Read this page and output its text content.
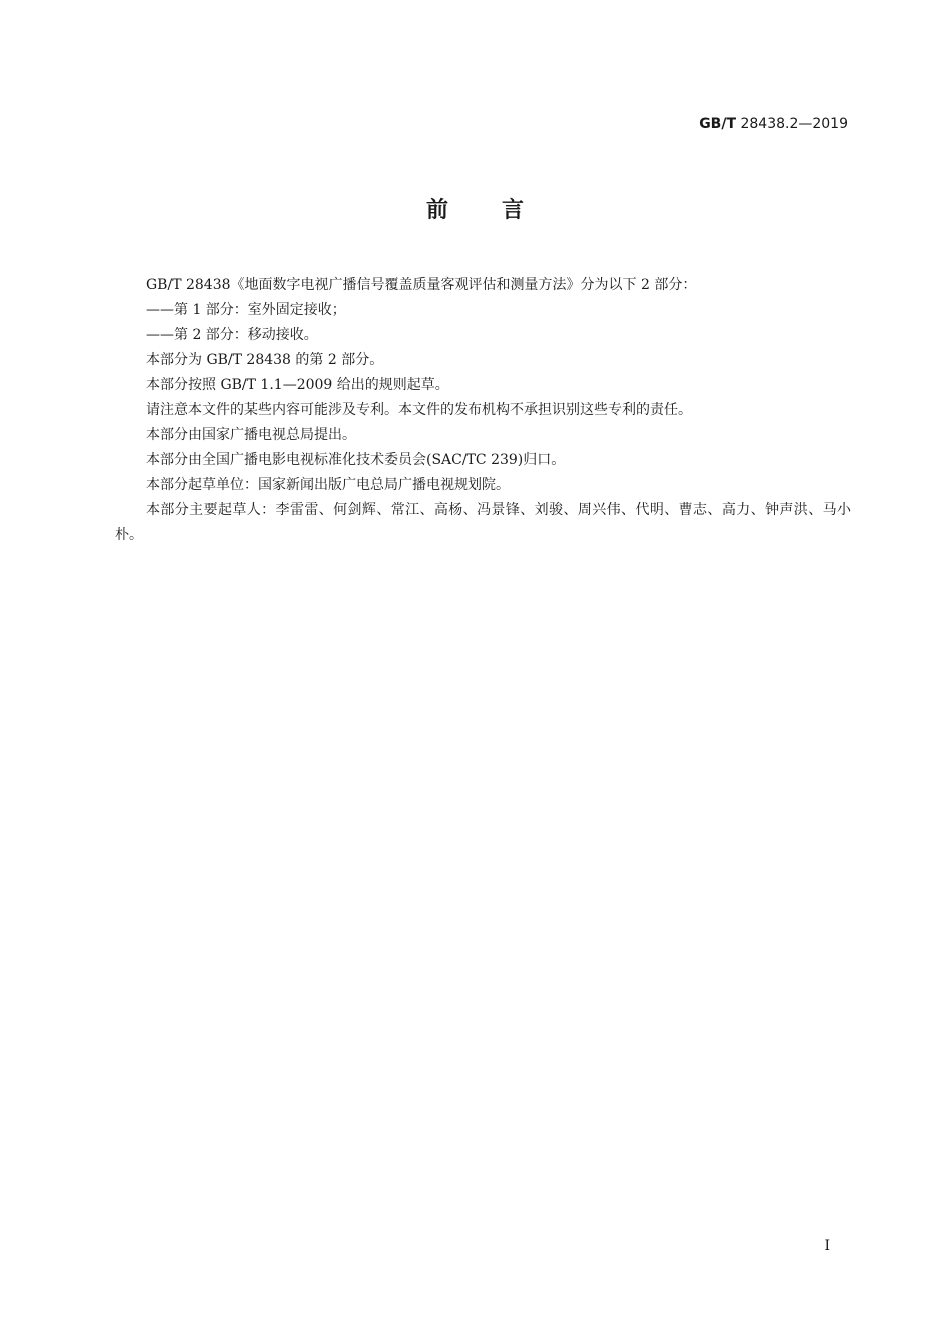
GB/T 28438.2—2019
前言

GB/T 28438《地面数字电视广播信号覆盖质量客观评估和测量方法》分为以下 2 部分：

——第 1 部分：室外固定接收；

——第 2 部分：移动接收。

本部分为 GB/T 28438 的第 2 部分。

本部分按照 GB/T 1.1—2009 给出的规则起草。

请注意本文件的某些内容可能涉及专利。本文件的发布机构不承担识别这些专利的责任。

本部分由国家广播电视总局提出。

本部分由全国广播电影电视标准化技术委员会(SAC/TC 239)归口。

本部分起草单位：国家新闻出版广电总局广播电视规划院。

本部分主要起草人：李雷雷、何剑辉、常江、高杨、冯景锋、刘骏、周兴伟、代明、曹志、高力、钟声洪、马小朴。

I
